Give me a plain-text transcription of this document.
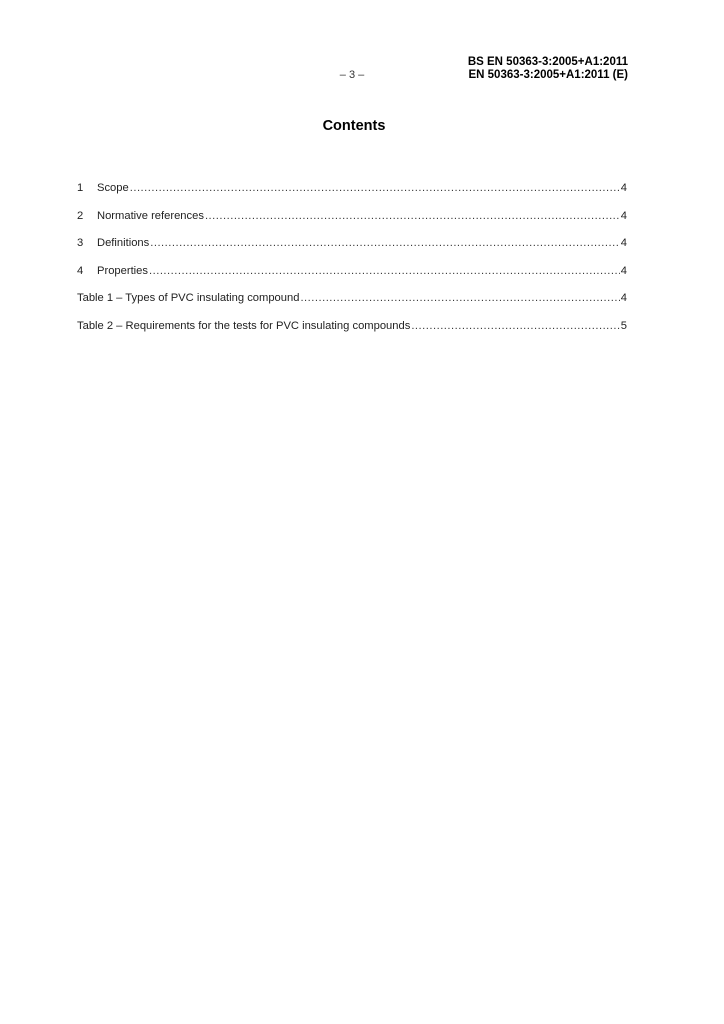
BS EN 50363-3:2005+A1:2011
EN 50363-3:2005+A1:2011 (E)
– 3 –
Contents
1	Scope .....	4
2	Normative references .....	4
3	Definitions .....	4
4	Properties .....	4
Table 1 – Types of PVC insulating compound .....	4
Table 2 – Requirements for the tests for PVC insulating compounds .....	5
